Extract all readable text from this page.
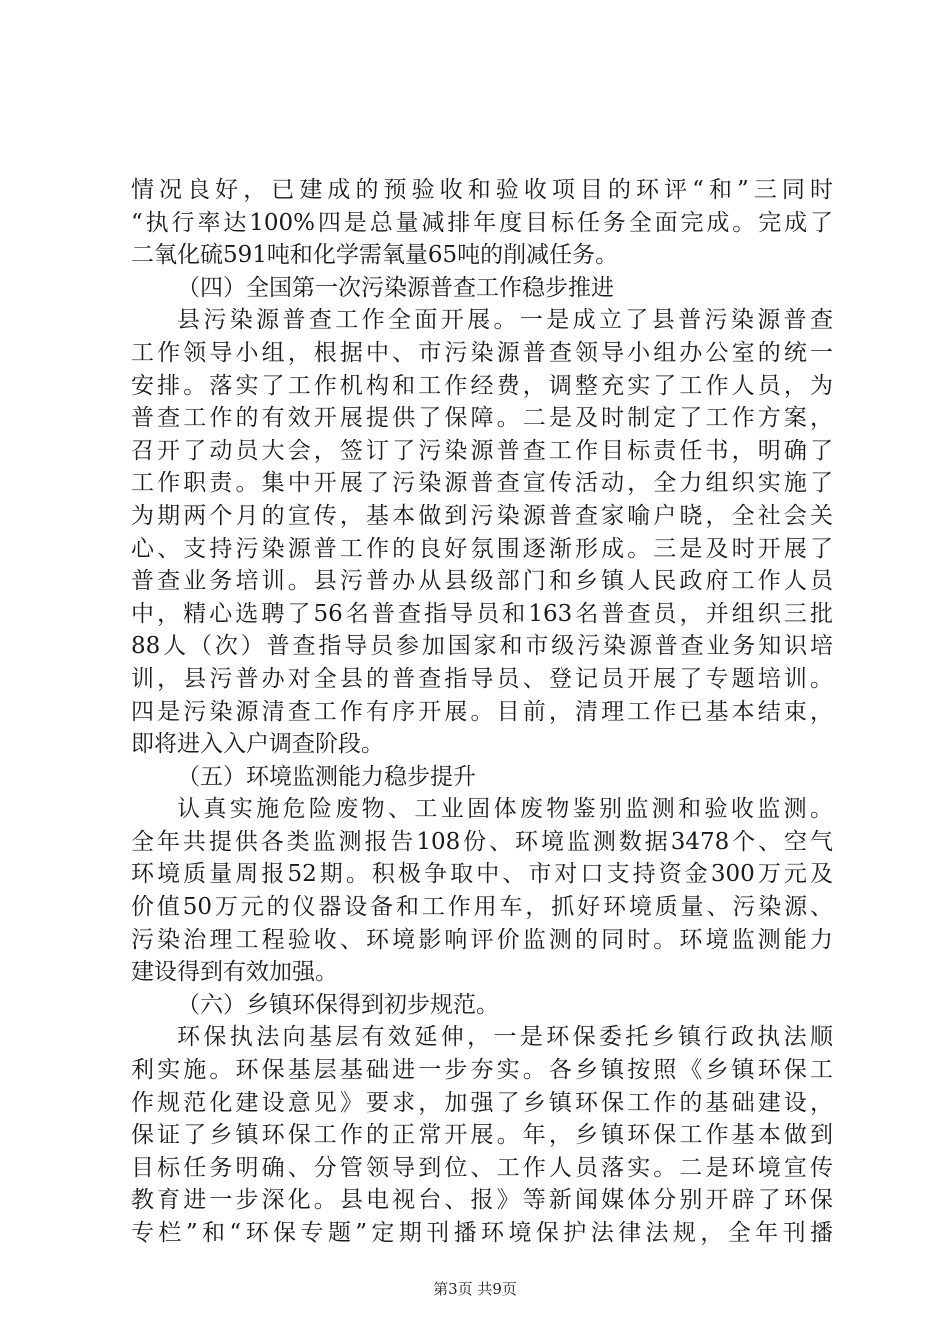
情况良好，已建成的预验收和验收项目的环评“和”三同时
“执行率达100%四是总量减排年度目标任务全面完成。完成了
二氧化硫591吨和化学需氧量65吨的削减任务。
（四）全国第一次污染源普查工作稳步推进
县污染源普查工作全面开展。一是成立了县普污染源普查
工作领导小组，根据中、市污染源普查领导小组办公室的统一
安排。落实了工作机构和工作经费，调整充实了工作人员，为
普查工作的有效开展提供了保障。二是及时制定了工作方案，
召开了动员大会，签订了污染源普查工作目标责任书，明确了
工作职责。集中开展了污染源普查宣传活动，全力组织实施了
为期两个月的宣传，基本做到污染源普查家喻户晓，全社会关
心、支持污染源普工作的良好氛围逐渐形成。三是及时开展了
普查业务培训。县污普办从县级部门和乡镇人民政府工作人员
中，精心选聘了56名普查指导员和163名普查员，并组织三批
88人（次）普查指导员参加国家和市级污染源普查业务知识培
训，县污普办对全县的普查指导员、登记员开展了专题培训。
四是污染源清查工作有序开展。目前，清理工作已基本结束，
即将进入入户调查阶段。
（五）环境监测能力稳步提升
认真实施危险废物、工业固体废物鉴别监测和验收监测。
全年共提供各类监测报告108份、环境监测数据3478个、空气
环境质量周报52期。积极争取中、市对口支持资金300万元及
价值50万元的仪器设备和工作用车，抓好环境质量、污染源、
污染治理工程验收、环境影响评价监测的同时。环境监测能力
建设得到有效加强。
（六）乡镇环保得到初步规范。
环保执法向基层有效延伸，一是环保委托乡镇行政执法顺
利实施。环保基层基础进一步夯实。各乡镇按照《乡镇环保工
作规范化建设意见》要求，加强了乡镇环保工作的基础建设，
保证了乡镇环保工作的正常开展。年，乡镇环保工作基本做到
目标任务明确、分管领导到位、工作人员落实。二是环境宣传
教育进一步深化。县电视台、报》等新闻媒体分别开辟了环保
专栏”和“环保专题”定期刊播环境保护法律法规，全年刊播
第3页 共9页
